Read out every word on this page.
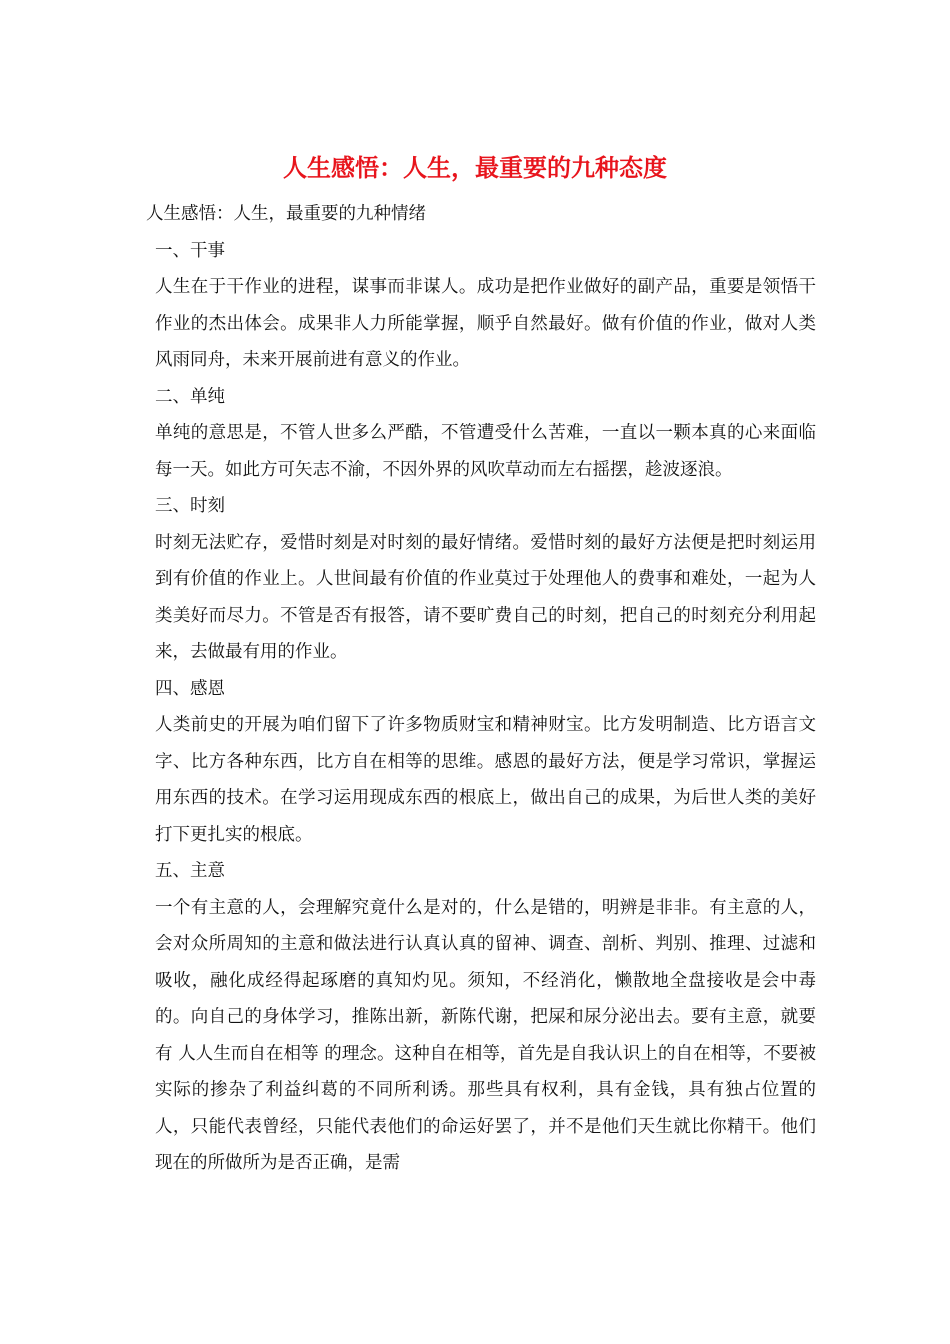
人生感悟：人生，最重要的九种态度

人生感悟：人生，最重要的九种情绪

一、干事

人生在于干作业的进程，谋事而非谋人。成功是把作业做好的副产品，重要是领悟干作业的杰出体会。成果非人力所能掌握，顺乎自然最好。做有价值的作业，做对人类风雨同舟，未来开展前进有意义的作业。

二、单纯

单纯的意思是，不管人世多么严酷，不管遭受什么苦难，一直以一颗本真的心来面临每一天。如此方可矢志不渝，不因外界的风吹草动而左右摇摆，趁波逐浪。

三、时刻

时刻无法贮存，爱惜时刻是对时刻的最好情绪。爱惜时刻的最好方法便是把时刻运用到有价值的作业上。人世间最有价值的作业莫过于处理他人的费事和难处，一起为人类美好而尽力。不管是否有报答，请不要旷费自己的时刻，把自己的时刻充分利用起来，去做最有用的作业。

四、感恩

人类前史的开展为咱们留下了许多物质财宝和精神财宝。比方发明制造、比方语言文字、比方各种东西，比方自在相等的思维。感恩的最好方法，便是学习常识，掌握运用东西的技术。在学习运用现成东西的根底上，做出自己的成果，为后世人类的美好打下更扎实的根底。

五、主意

一个有主意的人，会理解究竟什么是对的，什么是错的，明辨是非非。有主意的人，会对众所周知的主意和做法进行认真认真的留神、调查、剖析、判别、推理、过滤和吸收，融化成经得起琢磨的真知灼见。须知，不经消化，懒散地全盘接收是会中毒的。向自己的身体学习，推陈出新，新陈代谢，把屎和尿分泌出去。要有主意，就要有 人人生而自在相等 的理念。这种自在相等，首先是自我认识上的自在相等，不要被实际的掺杂了利益纠葛的不同所利诱。那些具有权利，具有金钱，具有独占位置的人，只能代表曾经，只能代表他们的命运好罢了，并不是他们天生就比你精干。他们现在的所做所为是否正确，是需
